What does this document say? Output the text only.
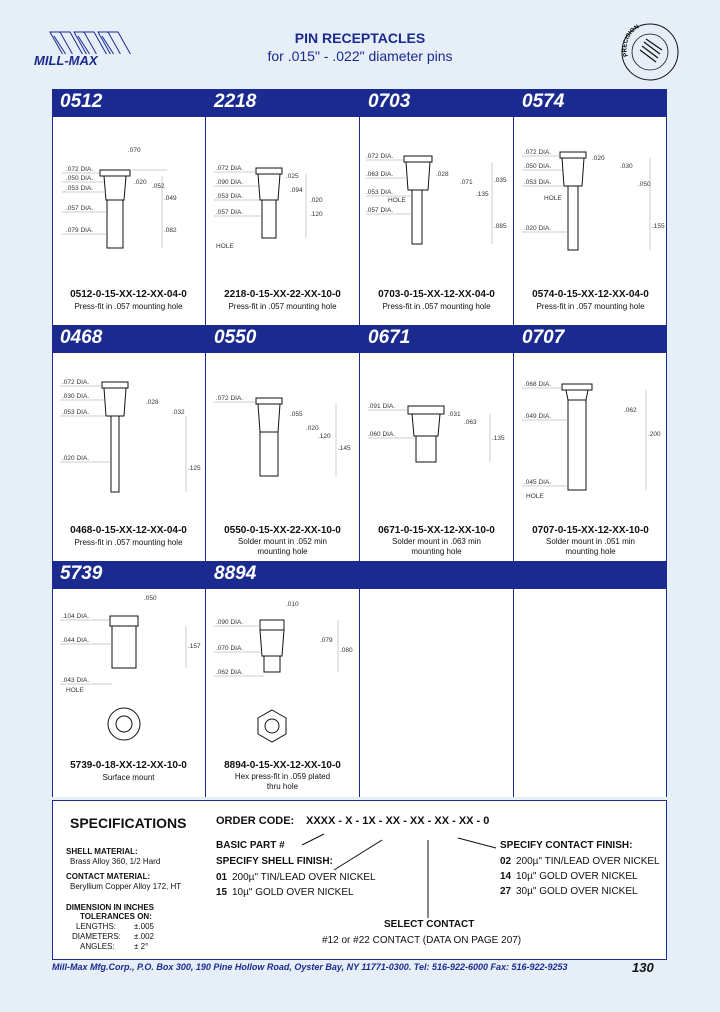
MILL-MAX
PIN RECEPTACLES
for .015" - .022" diameter pins	PRECISION
0512	2218	0703	0574
0468	0550	0671	0707
5739	8894
.072 DIA.
.050 DIA.
.053 DIA.
.057 DIA.
.079 DIA.
.070
.020
.052
.049
.082
.072 DIA.
.090 DIA.
.053 DIA.
.057 DIA.
HOLE
.025
.094
.020
.120
.072 DIA.
.063 DIA.
.053 DIA.
HOLE
.057 DIA.
.028
.071	.035
.135
.085
.072 DIA.
.050 DIA.
.053 DIA.
HOLE
.020 DIA.
.020
.030
.050
.155
.072 DIA.
.030 DIA.
.053 DIA.
.020 DIA.
.028
.032
.125
.072 DIA.
.055
.020
.120
.145
.091 DIA.
.060 DIA.
.031
.063
.135
.068 DIA.
.049 DIA.
.045 DIA.
HOLE
.062
.200
.050
.104 DIA.
.044 DIA.
.043 DIA.
HOLE
.157
.010
.090 DIA.
.070 DIA.
.062 DIA.
.079
.080
0512-0-15-XX-12-XX-04-0
Press-fit in .057 mounting hole
2218-0-15-XX-22-XX-10-0
Press-fit in .057 mounting hole
0703-0-15-XX-12-XX-04-0
Press-fit in .057 mounting hole
0574-0-15-XX-12-XX-04-0
Press-fit in .057 mounting hole
0468-0-15-XX-12-XX-04-0
Press-fit in .057 mounting hole
0550-0-15-XX-22-XX-10-0
Solder mount in .052 min
mounting hole
0671-0-15-XX-12-XX-10-0
Solder mount in .063 min
mounting hole
0707-0-15-XX-12-XX-10-0
Solder mount in .051 min
mounting hole
5739-0-18-XX-12-XX-10-0
Surface mount
8894-0-15-XX-12-XX-10-0
Hex press-fit in .059 plated
thru hole
SPECIFICATIONS
SHELL MATERIAL:
Brass Alloy 360, 1/2 Hard
CONTACT MATERIAL:
Beryllium Copper Alloy 172, HT
DIMENSION IN INCHES
TOLERANCES ON:
LENGTHS: ±.005
DIAMETERS: ±.002
ANGLES: ± 2°
ORDER CODE: XXXX - X - 1X - XX - XX - XX - XX - 0
BASIC PART #
SPECIFY SHELL FINISH:
01 200µ" TIN/LEAD OVER NICKEL
15 10µ" GOLD OVER NICKEL
SPECIFY CONTACT FINISH:
02 200µ" TIN/LEAD OVER NICKEL
14 10µ" GOLD OVER NICKEL
27 30µ" GOLD OVER NICKEL
SELECT CONTACT
#12 or #22 CONTACT (DATA ON PAGE 207)
Mill-Max Mfg.Corp., P.O. Box 300, 190 Pine Hollow Road, Oyster Bay, NY 11771-0300. Tel: 516-922-6000 Fax: 516-922-9253	130
